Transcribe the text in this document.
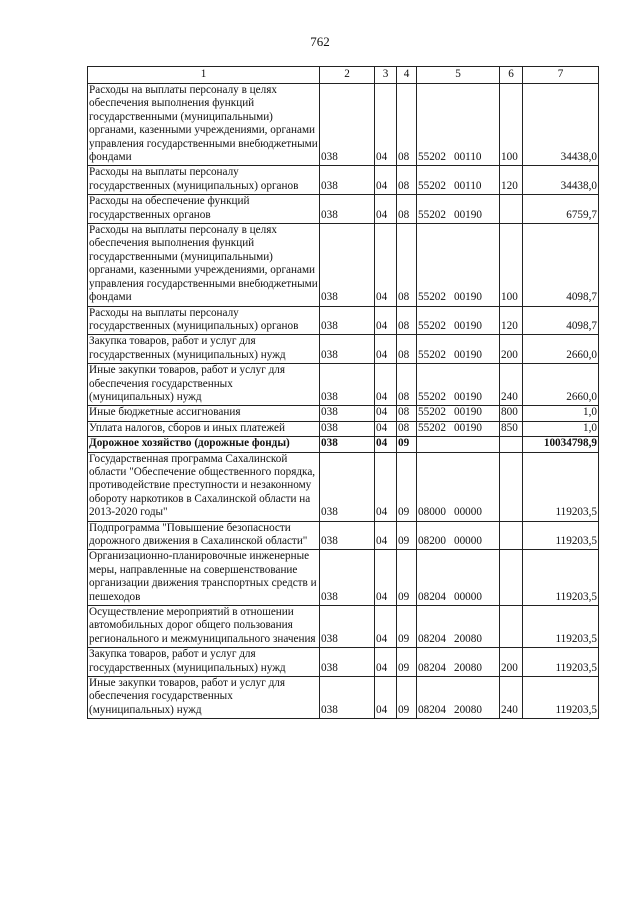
762
1	2	3	4	5	6	7
Расходы на выплаты персоналу в целях обеспечения выполнения функций государственными (муниципальными) органами, казенными учреждениями, органами управления государственными внебюджетными фондами	038	04	08	55202 00110	100	34438,0
Расходы на выплаты персоналу государственных (муниципальных) органов	038	04	08	55202 00110	120	34438,0
Расходы на обеспечение функций государственных органов	038	04	08	55202 00190		6759,7
Расходы на выплаты персоналу в целях обеспечения выполнения функций государственными (муниципальными) органами, казенными учреждениями, органами управления государственными внебюджетными фондами	038	04	08	55202 00190	100	4098,7
Расходы на выплаты персоналу государственных (муниципальных) органов	038	04	08	55202 00190	120	4098,7
Закупка товаров, работ и услуг для государственных (муниципальных) нужд	038	04	08	55202 00190	200	2660,0
Иные закупки товаров, работ и услуг для обеспечения государственных (муниципальных) нужд	038	04	08	55202 00190	240	2660,0
Иные бюджетные ассигнования	038	04	08	55202 00190	800	1,0
Уплата налогов, сборов и иных платежей	038	04	08	55202 00190	850	1,0
Дорожное хозяйство (дорожные фонды)	038	04	09			10034798,9
Государственная программа Сахалинской области "Обеспечение общественного порядка, противодействие преступности и незаконному обороту наркотиков в Сахалинской области на 2013-2020 годы"	038	04	09	08000 00000		119203,5
Подпрограмма "Повышение безопасности дорожного движения в Сахалинской области"	038	04	09	08200 00000		119203,5
Организационно-планировочные инженерные меры, направленные на совершенствование организации движения транспортных средств и пешеходов	038	04	09	08204 00000		119203,5
Осуществление мероприятий в отношении автомобильных дорог общего пользования регионального и межмуниципального значения	038	04	09	08204 20080		119203,5
Закупка товаров, работ и услуг для государственных (муниципальных) нужд	038	04	09	08204 20080	200	119203,5
Иные закупки товаров, работ и услуг для обеспечения государственных (муниципальных) нужд	038	04	09	08204 20080	240	119203,5
